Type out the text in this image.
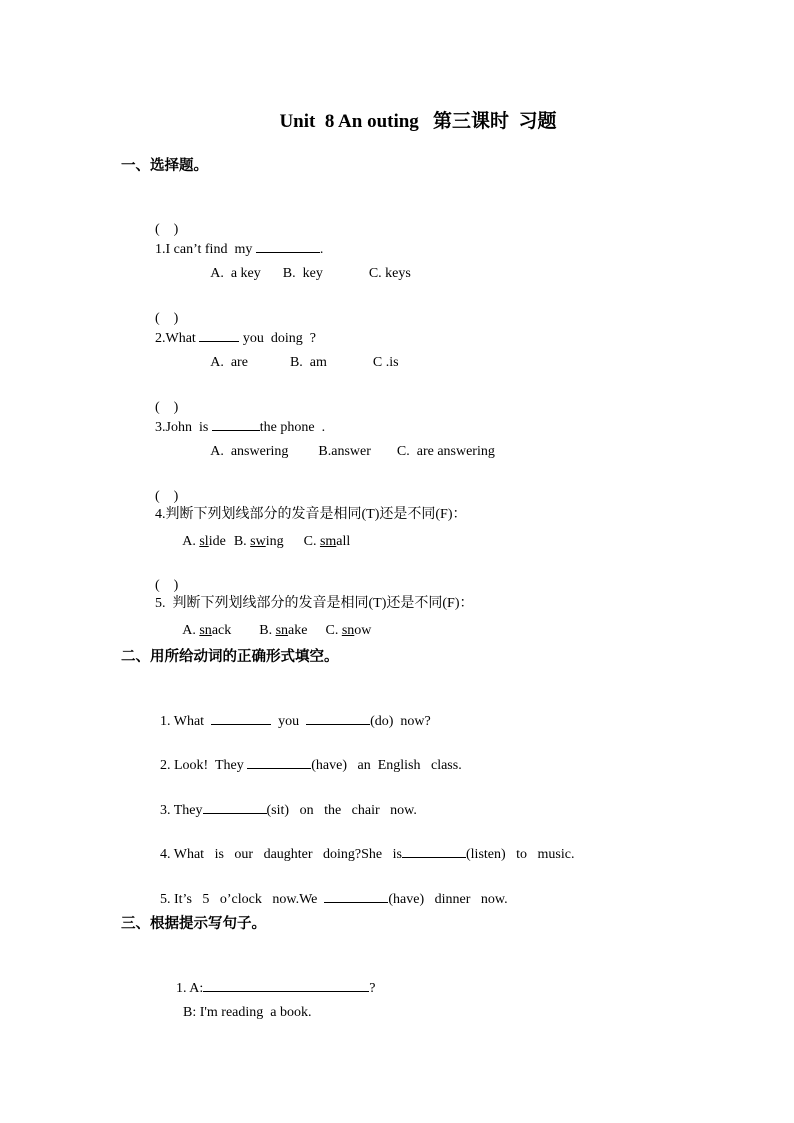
Unit  8 An outing   第三课时  习题
一、选择题。

(    )
1.I can’t find  my	.

A.  a key B.  key	C. keys

(    )
2.What	you  doing  ?

A.  are	B.  am	C .is

(    )
3.John  is	the phone  .

A.  answering B.answer C.  are answering

(    )
4.判断下列划线部分的发音是相同(T)还是不同(F)：

A. slide B. swing C. small

(    )
5.  判断下列划线部分的发音是相同(T)还是不同(F)：

A. snack B. snake C. snow

二、用所给动词的正确形式填空。

1. What	you	(do)  now?

2. Look!  They	(have)   an  English   class.

3. They	(sit)   on   the   chair   now.

4. What   is   our   daughter   doing?She   is	(listen)   to   music.

5. It’s   5   o’clock   now.We	(have)   dinner   now.

三、根据提示写句子。

1. A:	?

B: I'm reading  a book.
